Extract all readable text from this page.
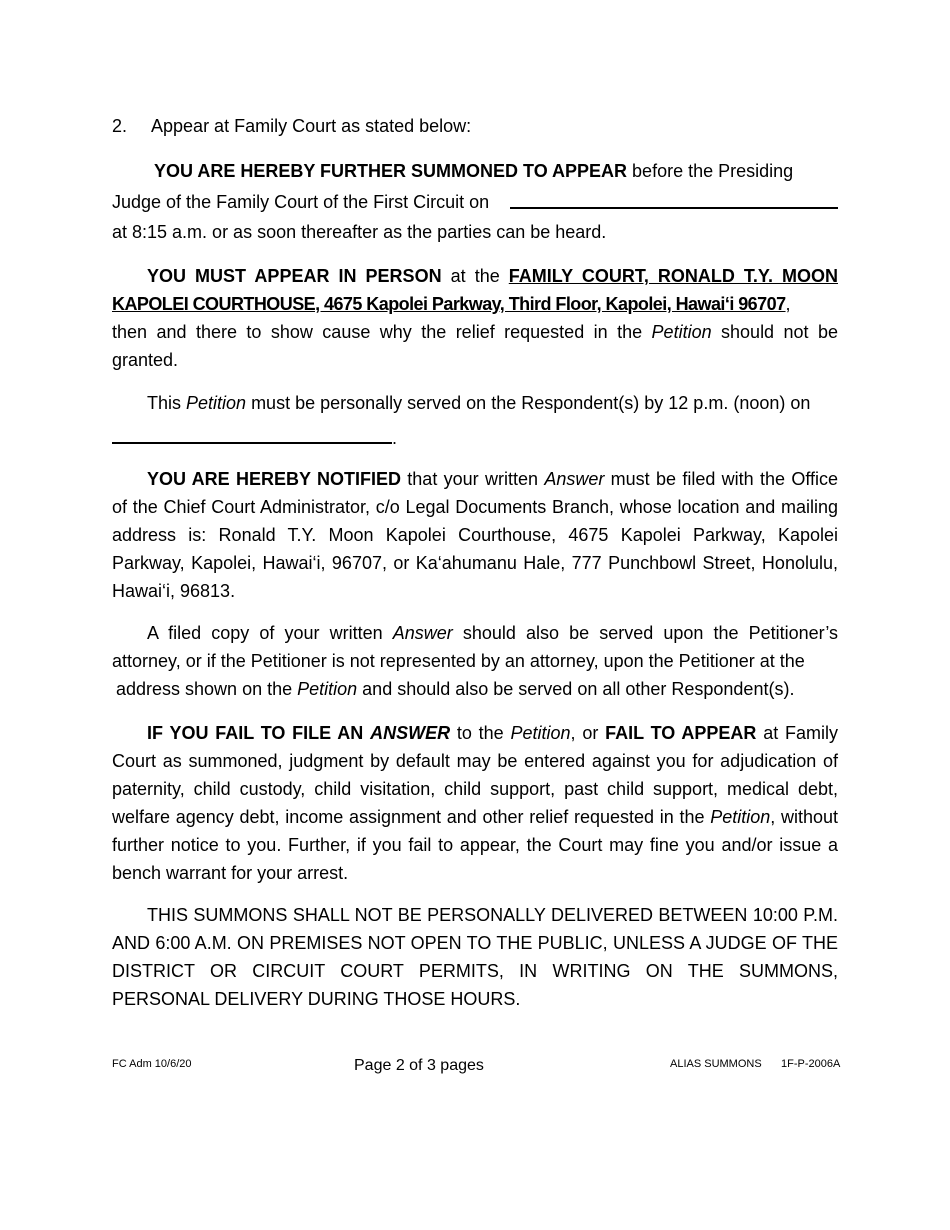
2. Appear at Family Court as stated below:
YOU ARE HEREBY FURTHER SUMMONED TO APPEAR before the Presiding
Judge of the Family Court of the First Circuit on
at 8:15 a.m. or as soon thereafter as the parties can be heard.
YOU MUST APPEAR IN PERSON at the FAMILY COURT, RONALD T.Y. MOON
KAPOLEI COURTHOUSE, 4675 Kapolei Parkway, Third Floor, Kapolei, Hawai‘i 96707,
then and there to show cause why the relief requested in the Petition should not be granted.
This Petition must be personally served on the Respondent(s) by 12 p.m. (noon) on
.
YOU ARE HEREBY NOTIFIED that your written Answer must be filed with the Office of the Chief Court Administrator, c/o Legal Documents Branch, whose location and mailing address is: Ronald T.Y. Moon Kapolei Courthouse, 4675 Kapolei Parkway, Kapolei Parkway, Kapolei, Hawai‘i, 96707, or Ka‘ahumanu Hale, 777 Punchbowl Street, Honolulu, Hawai‘i, 96813.
A filed copy of your written Answer should also be served upon the Petitioner’s attorney, or if the Petitioner is not represented by an attorney, upon the Petitioner at the
address shown on the Petition and should also be served on all other Respondent(s).
IF YOU FAIL TO FILE AN ANSWER to the Petition, or FAIL TO APPEAR at Family Court as summoned, judgment by default may be entered against you for adjudication of paternity, child custody, child visitation, child support, past child support, medical debt, welfare agency debt, income assignment and other relief requested in the Petition, without further notice to you. Further, if you fail to appear, the Court may fine you and/or issue a bench warrant for your arrest.
THIS SUMMONS SHALL NOT BE PERSONALLY DELIVERED BETWEEN 10:00 P.M. AND 6:00 A.M. ON PREMISES NOT OPEN TO THE PUBLIC, UNLESS A JUDGE OF THE DISTRICT OR CIRCUIT COURT PERMITS, IN WRITING ON THE SUMMONS, PERSONAL DELIVERY DURING THOSE HOURS.
FC Adm 10/6/20	Page 2 of 3 pages	ALIAS SUMMONS 1F-P-2006A
